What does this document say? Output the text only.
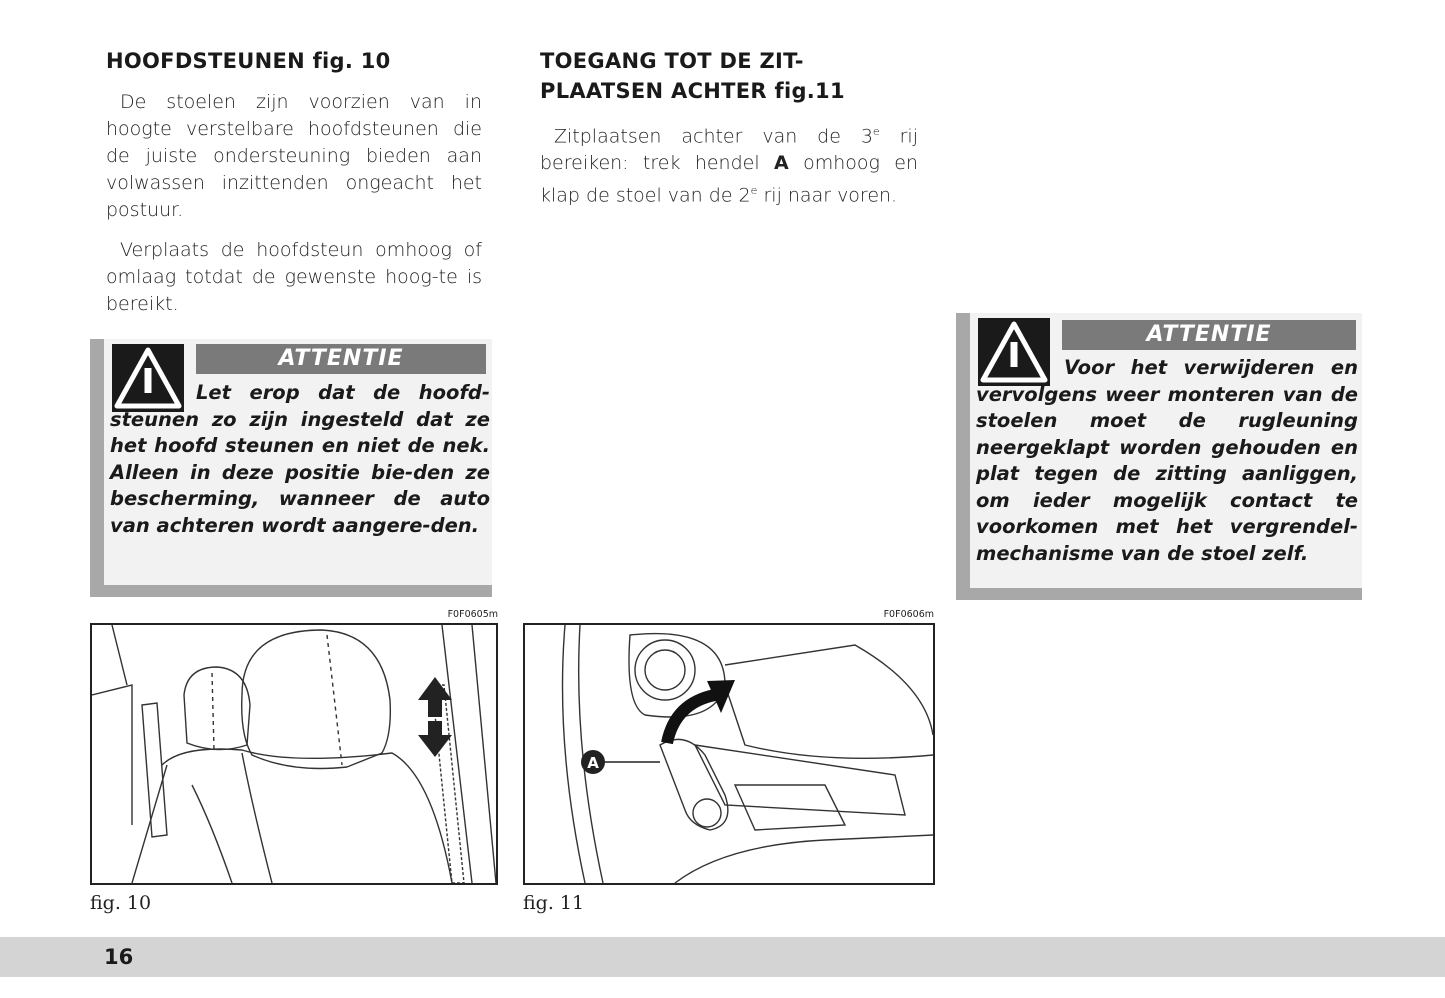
HOOFDSTEUNEN fig. 10

De stoelen zijn voorzien van in hoogte verstelbare hoofdsteunen die de juiste ondersteuning bieden aan volwassen inzittenden ongeacht het postuur.

Verplaats de hoofdsteun omhoog of omlaag totdat de gewenste hoog-te is bereikt.

ATTENTIE

Let erop dat de hoofd-steunen zo zijn ingesteld dat ze het hoofd steunen en niet de nek. Alleen in deze positie bie-den ze bescherming, wanneer de auto van achteren wordt aangere-den.

TOEGANG TOT DE ZIT-
PLAATSEN ACHTER fig.11

Zitplaatsen achter van de 3e rij bereiken: trek hendel A omhoog en klap de stoel van de 2e rij naar voren.

ATTENTIE

Voor het verwijderen en vervolgens weer monteren van de stoelen moet de rugleuning neergeklapt worden gehouden en plat tegen de zitting aanliggen, om ieder mogelijk contact te voorkomen met het vergrendel-mechanisme van de stoel zelf.

F0F0605m
fig. 10
F0F0606m
A
fig. 11
16
